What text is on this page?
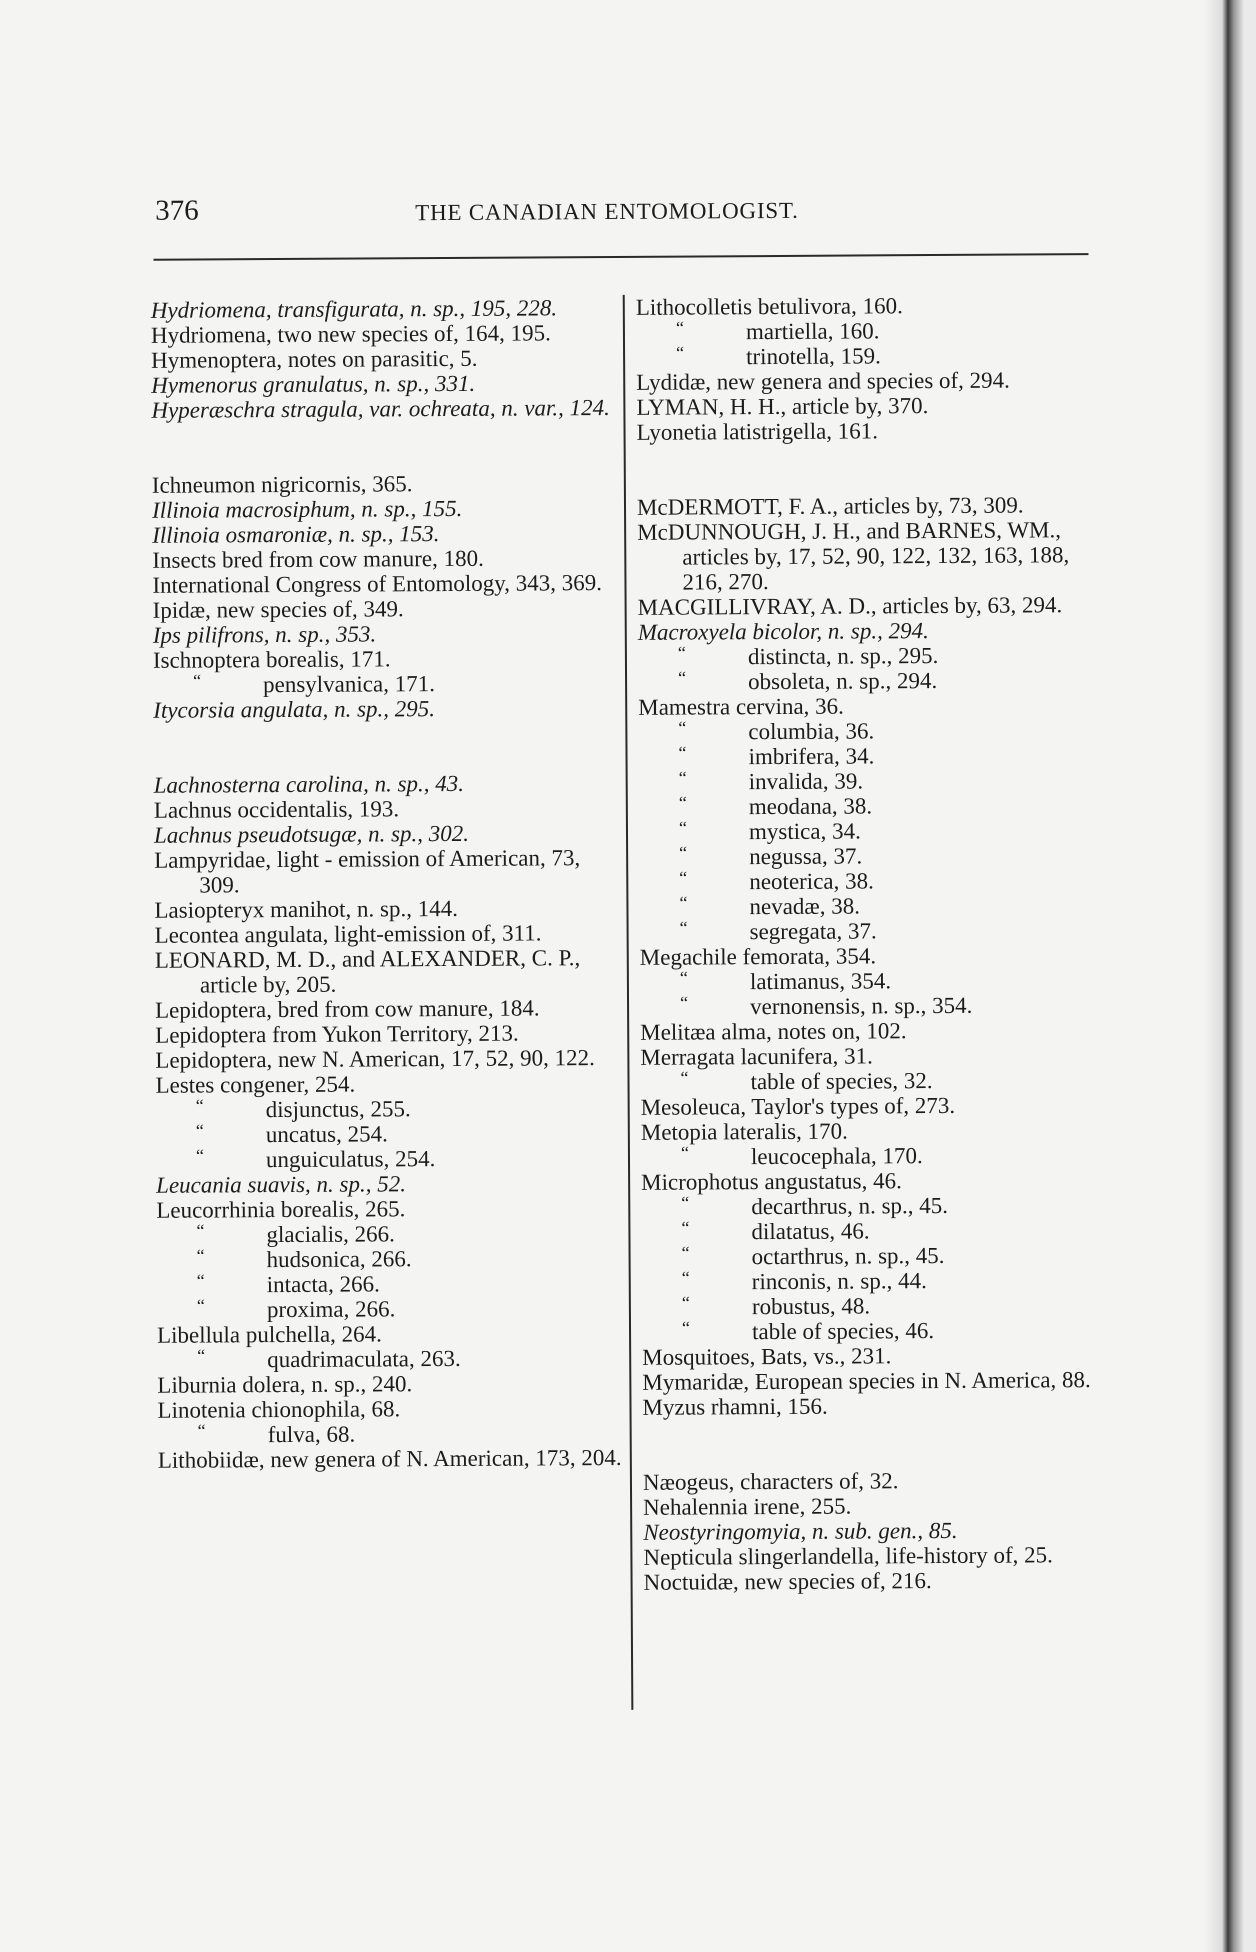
376	THE CANADIAN ENTOMOLOGIST.
Hydriomena, transfigurata, n. sp., 195, 228.
Hydriomena, two new species of, 164, 195.
Hymenoptera, notes on parasitic, 5.
Hymenorus granulatus, n. sp., 331.
Hyperæschra stragula, var. ochreata, n. var., 124.
Ichneumon nigricornis, 365.
Illinoia macrosiphum, n. sp., 155.
Illinoia osmaroniæ, n. sp., 153.
Insects bred from cow manure, 180.
International Congress of Entomology, 343, 369.
Ipidæ, new species of, 349.
Ips pilifrons, n. sp., 353.
Ischnoptera borealis, 171.
“ pensylvanica, 171.
Itycorsia angulata, n. sp., 295.
Lachnosterna carolina, n. sp., 43.
Lachnus occidentalis, 193.
Lachnus pseudotsugæ, n. sp., 302.
Lampyridae, light - emission of American, 73, 309.
Lasiopteryx manihot, n. sp., 144.
Lecontea angulata, light-emission of, 311.
LEONARD, M. D., and ALEXANDER, C. P., article by, 205.
Lepidoptera, bred from cow manure, 184.
Lepidoptera from Yukon Territory, 213.
Lepidoptera, new N. American, 17, 52, 90, 122.
Lestes congener, 254.
“ disjunctus, 255.
“ uncatus, 254.
“ unguiculatus, 254.
Leucania suavis, n. sp., 52.
Leucorrhinia borealis, 265.
“ glacialis, 266.
“ hudsonica, 266.
“ intacta, 266.
“ proxima, 266.
Libellula pulchella, 264.
“ quadrimaculata, 263.
Liburnia dolera, n. sp., 240.
Linotenia chionophila, 68.
“ fulva, 68.
Lithobiidæ, new genera of N. American, 173, 204.
Lithocolletis betulivora, 160.
“ martiella, 160.
“ trinotella, 159.
Lydidæ, new genera and species of, 294.
LYMAN, H. H., article by, 370.
Lyonetia latistrigella, 161.
McDERMOTT, F. A., articles by, 73, 309.
McDUNNOUGH, J. H., and BARNES, WM., articles by, 17, 52, 90, 122, 132, 163, 188, 216, 270.
MACGILLIVRAY, A. D., articles by, 63, 294.
Macroxyela bicolor, n. sp., 294.
“ distincta, n. sp., 295.
“ obsoleta, n. sp., 294.
Mamestra cervina, 36.
“ columbia, 36.
“ imbrifera, 34.
“ invalida, 39.
“ meodana, 38.
“ mystica, 34.
“ negussa, 37.
“ neoterica, 38.
“ nevadæ, 38.
“ segregata, 37.
Megachile femorata, 354.
“ latimanus, 354.
“ vernonensis, n. sp., 354.
Melitæa alma, notes on, 102.
Merragata lacunifera, 31.
“ table of species, 32.
Mesoleuca, Taylor's types of, 273.
Metopia lateralis, 170.
“ leucocephala, 170.
Microphotus angustatus, 46.
“ decarthrus, n. sp., 45.
“ dilatatus, 46.
“ octarthrus, n. sp., 45.
“ rinconis, n. sp., 44.
“ robustus, 48.
“ table of species, 46.
Mosquitoes, Bats, vs., 231.
Mymaridæ, European species in N. America, 88.
Myzus rhamni, 156.
Næogeus, characters of, 32.
Nehalennia irene, 255.
Neostyringomyia, n. sub. gen., 85.
Nepticula slingerlandella, life-history of, 25.
Noctuidæ, new species of, 216.
